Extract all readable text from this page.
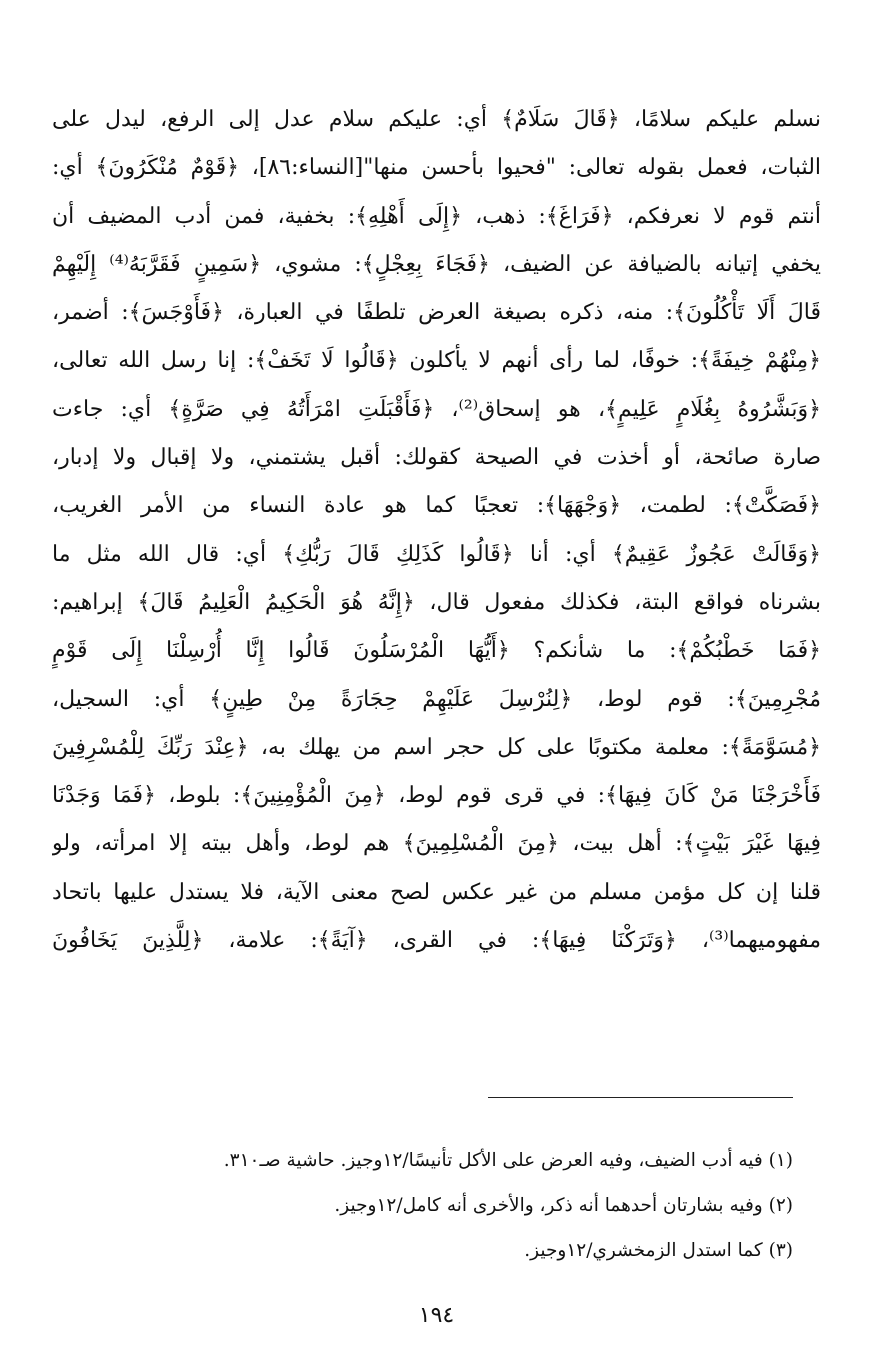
نسلم عليكم سلامًا، ﴿قَالَ سَلَامٌ﴾ أي: عليكم سلام عدل إلى الرفع، ليدل على
الثبات، فعمل بقوله تعالى: "فحيوا بأحسن منها"[النساء:٨٦]، ﴿قَوْمٌ مُنْكَرُونَ﴾ أي:
أنتم قوم لا نعرفكم، ﴿فَرَاغَ﴾: ذهب، ﴿إِلَى أَهْلِهِ﴾: بخفية، فمن أدب المضيف أن
يخفي إتيانه بالضيافة عن الضيف، ﴿فَجَاءَ بِعِجْلٍ﴾: مشوي، ﴿سَمِينٍ فَقَرَّبَهُ⁽⁴⁾ إِلَيْهِمْ
قَالَ أَلَا تَأْكُلُونَ﴾: منه، ذكره بصيغة العرض تلطفًا في العبارة، ﴿فَأَوْجَسَ﴾: أضمر،
﴿مِنْهُمْ خِيفَةً﴾: خوفًا، لما رأى أنهم لا يأكلون ﴿قَالُوا لَا تَخَفْ﴾: إنا رسل الله تعالى،
﴿وَبَشَّرُوهُ بِغُلَامٍ عَلِيمٍ﴾، هو إسحاق⁽²⁾، ﴿فَأَقْبَلَتِ امْرَأَتُهُ فِي صَرَّةٍ﴾ أي: جاءت
صارة صائحة، أو أخذت في الصيحة كقولك: أقبل يشتمني، ولا إقبال ولا إدبار،
﴿فَصَكَّتْ﴾: لطمت، ﴿وَجْهَهَا﴾: تعجبًا كما هو عادة النساء من الأمر الغريب،
﴿وَقَالَتْ عَجُوزٌ عَقِيمٌ﴾ أي: أنا ﴿قَالُوا كَذَلِكِ قَالَ رَبُّكِ﴾ أي: قال الله مثل ما
بشرناه فواقع البتة، فكذلك مفعول قال، ﴿إِنَّهُ هُوَ الْحَكِيمُ الْعَلِيمُ قَالَ﴾ إبراهيم:
﴿فَمَا خَطْبُكُمْ﴾: ما شأنكم؟ ﴿أَيُّهَا الْمُرْسَلُونَ قَالُوا إِنَّا أُرْسِلْنَا إِلَى قَوْمٍ
مُجْرِمِينَ﴾: قوم لوط، ﴿لِنُرْسِلَ عَلَيْهِمْ حِجَارَةً مِنْ طِينٍ﴾ أي: السجيل،
﴿مُسَوَّمَةً﴾: معلمة مكتوبًا على كل حجر اسم من يهلك به، ﴿عِنْدَ رَبِّكَ لِلْمُسْرِفِينَ
فَأَخْرَجْنَا مَنْ كَانَ فِيهَا﴾: في قرى قوم لوط، ﴿مِنَ الْمُؤْمِنِينَ﴾: بلوط، ﴿فَمَا وَجَدْنَا
فِيهَا غَيْرَ بَيْتٍ﴾: أهل بيت، ﴿مِنَ الْمُسْلِمِينَ﴾ هم لوط، وأهل بيته إلا امرأته، ولو
قلنا إن كل مؤمن مسلم من غير عكس لصح معنى الآية، فلا يستدل عليها باتحاد
مفهوميهما⁽³⁾، ﴿وَتَرَكْنَا فِيهَا﴾: في القرى، ﴿آيَةً﴾: علامة، ﴿لِلَّذِينَ يَخَافُونَ
(١) فيه أدب الضيف، وفيه العرض على الأكل تأنيسًا/١٢وجيز. حاشية صـ٣١٠.
(٢) وفيه بشارتان أحدهما أنه ذكر، والأخرى أنه كامل/١٢وجيز.
(٣) كما استدل الزمخشري/١٢وجيز.
١٩٤
